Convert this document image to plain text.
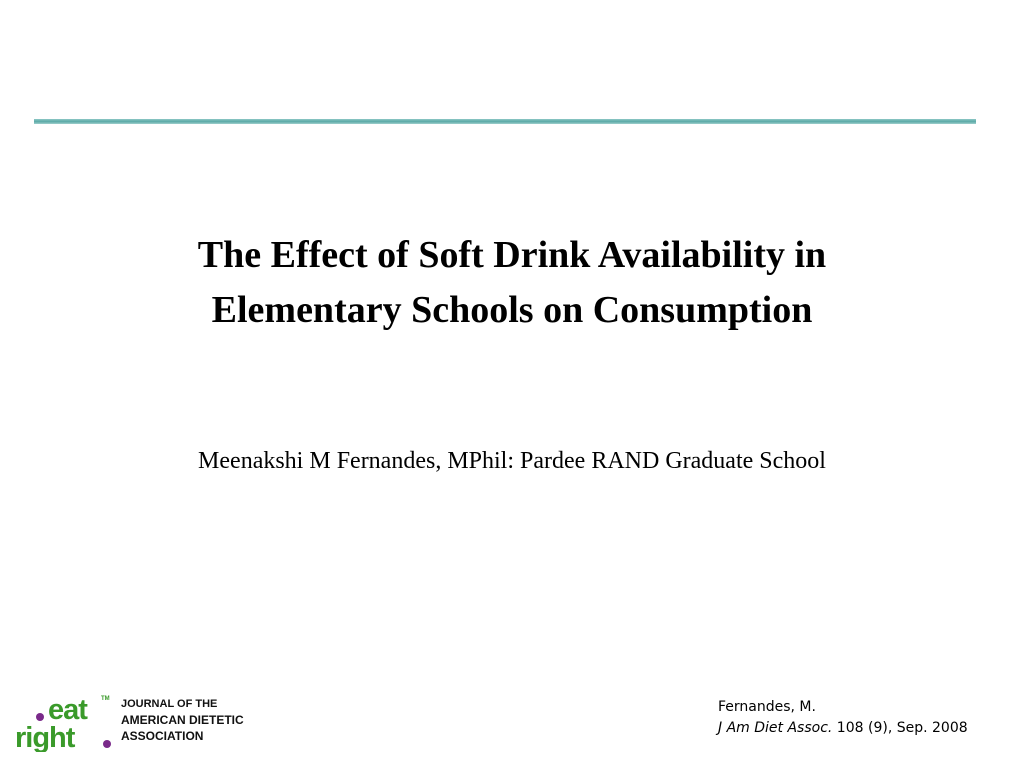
The Effect of Soft Drink Availability in
Elementary Schools on Consumption
Meenakshi M Fernandes, MPhil: Pardee RAND Graduate School
eat
right
TM JOURNAL OF THE
AMERICAN DIETETIC
ASSOCIATION
Fernandes, M.
J Am Diet Assoc. 108 (9), Sep. 2008
